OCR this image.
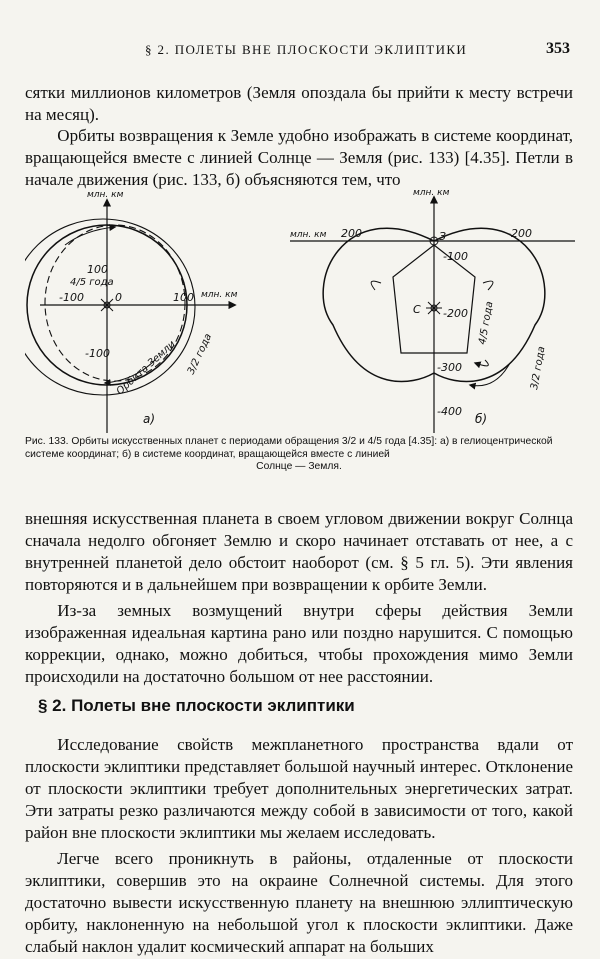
§ 2. ПОЛЕТЫ ВНЕ ПЛОСКОСТИ ЭКЛИПТИКИ	353
сятки миллионов километров (Земля опоздала бы прийти к месту встречи на месяц).
Орбиты возвращения к Земле удобно изображать в системе координат, вращающейся вместе с линией Солнце — Земля (рис. 133) [4.35]. Петли в начале движения (рис. 133, б) объясняются тем, что
млн. км
млн. км
100
100
-100
-100
0
4/5 года
3/2 года
Орбита Земли
а)
млн. км
млн. км 200	-200
-100
-200
-300
-400
З
С	4/5 года
3/2 года
б)
Рис. 133. Орбиты искусственных планет с периодами обращения 3/2 и 4/5 года [4.35]: а) в гелиоцентрической системе координат; б) в системе координат, вращающейся вместе с линией
Солнце — Земля.
внешняя искусственная планета в своем угловом движении вокруг Солнца сначала недолго обгоняет Землю и скоро начинает отставать от нее, а с внутренней планетой дело обстоит наоборот (см. § 5 гл. 5). Эти явления повторяются и в дальнейшем при возвращении к орбите Земли.
Из-за земных возмущений внутри сферы действия Земли изображенная идеальная картина рано или поздно нарушится. С помощью коррекции, однако, можно добиться, чтобы прохождения мимо Земли происходили на достаточно большом от нее расстоянии.
§ 2. Полеты вне плоскости эклиптики
Исследование свойств межпланетного пространства вдали от плоскости эклиптики представляет большой научный интерес. Отклонение от плоскости эклиптики требует дополнительных энергетических затрат. Эти затраты резко различаются между собой в зависимости от того, какой район вне плоскости эклиптики мы желаем исследовать.
Легче всего проникнуть в районы, отдаленные от плоскости эклиптики, совершив это на окраине Солнечной системы. Для этого достаточно вывести искусственную планету на внешнюю эллиптическую орбиту, наклоненную на небольшой угол к плоскости эклиптики. Даже слабый наклон удалит космический аппарат на больших
